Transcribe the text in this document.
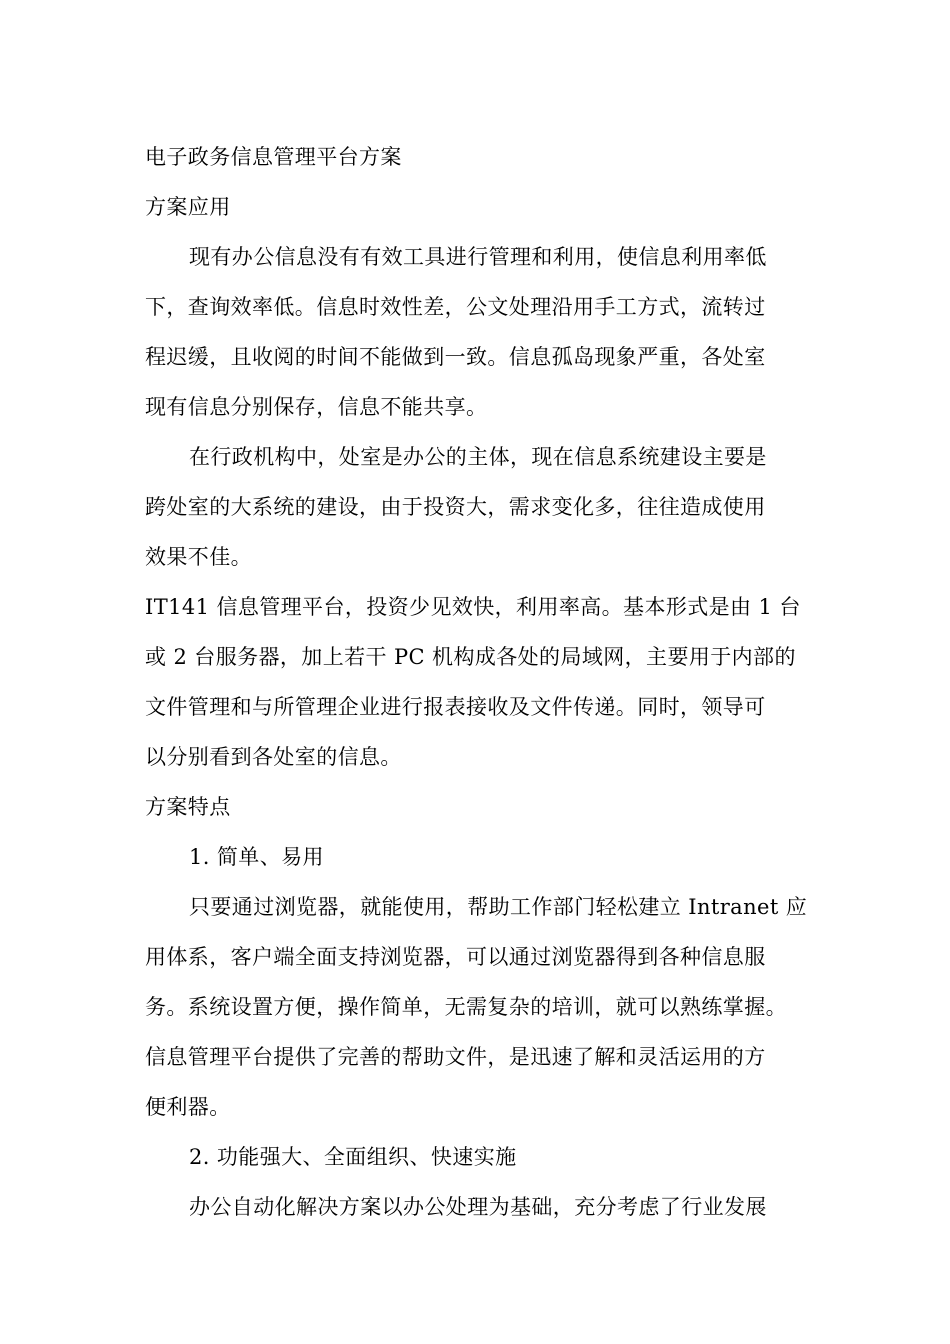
电子政务信息管理平台方案
方案应用
现有办公信息没有有效工具进行管理和利用，使信息利用率低
下，查询效率低。信息时效性差，公文处理沿用手工方式，流转过
程迟缓，且收阅的时间不能做到一致。信息孤岛现象严重，各处室
现有信息分别保存，信息不能共享。
在行政机构中，处室是办公的主体，现在信息系统建设主要是
跨处室的大系统的建设，由于投资大，需求变化多，往往造成使用
效果不佳。
IT141 信息管理平台，投资少见效快，利用率高。基本形式是由 1 台
或 2 台服务器，加上若干 PC 机构成各处的局域网，主要用于内部的
文件管理和与所管理企业进行报表接收及文件传递。同时，领导可
以分别看到各处室的信息。
方案特点
1. 简单、易用
只要通过浏览器，就能使用，帮助工作部门轻松建立 Intranet 应
用体系，客户端全面支持浏览器，可以通过浏览器得到各种信息服
务。系统设置方便，操作简单，无需复杂的培训，就可以熟练掌握。
信息管理平台提供了完善的帮助文件，是迅速了解和灵活运用的方
便利器。
2. 功能强大、全面组织、快速实施
办公自动化解决方案以办公处理为基础，充分考虑了行业发展
